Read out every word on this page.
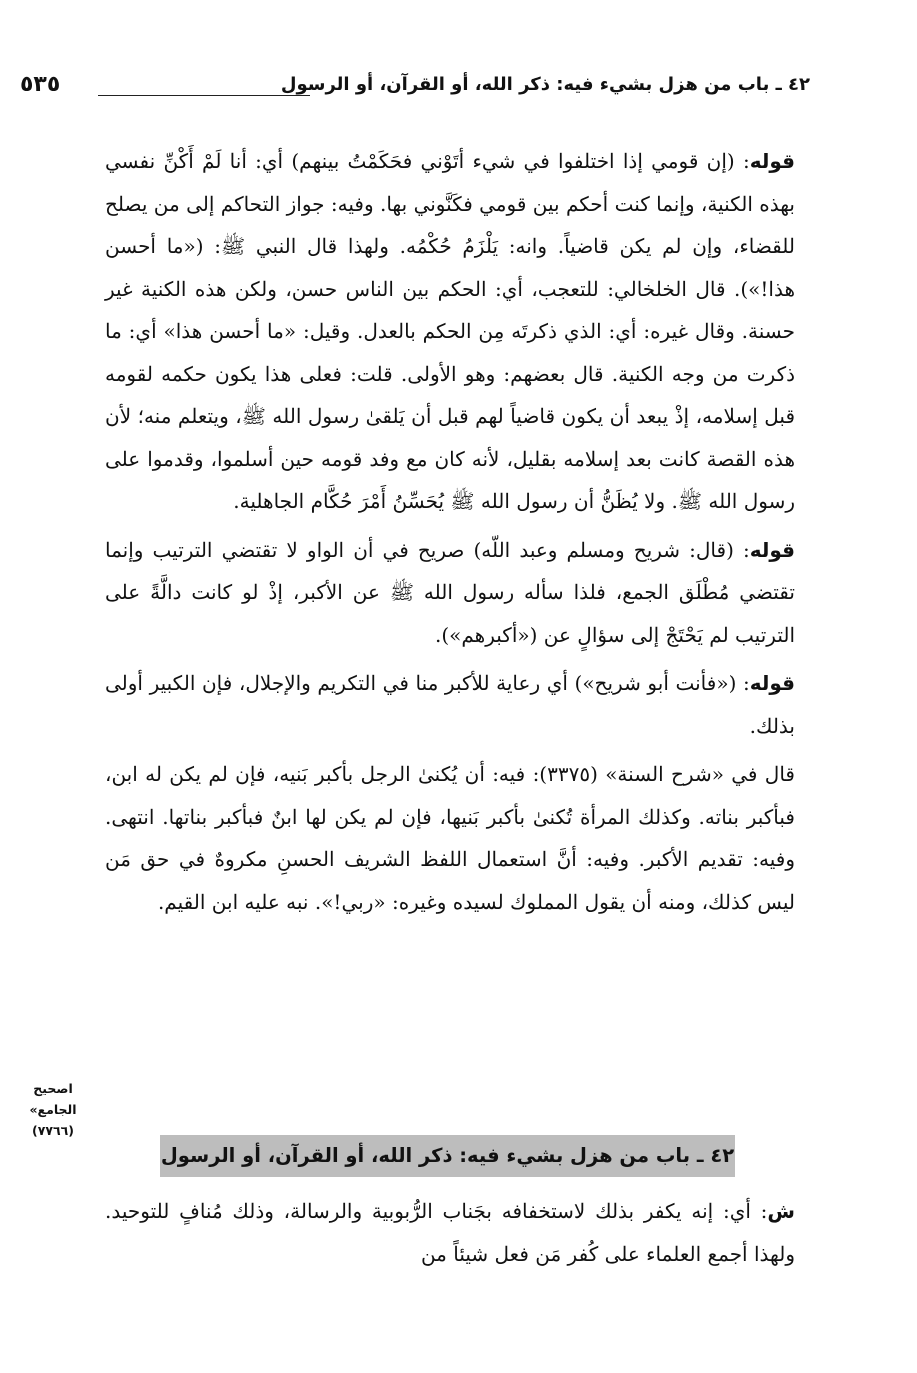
٤٢ ـ باب من هزل بشيء فيه: ذكر الله، أو القرآن، أو الرسول
٥٣٥

قوله: (إن قومي إذا اختلفوا في شيء أتَوْني فحَكَمْتُ بينهم) أي: أنا لَمْ أَكْنِّ نفسي بهذه الكنية، وإنما كنت أحكم بين قومي فكَنَّوني بها. وفيه: جواز التحاكم إلى من يصلح للقضاء، وإن لم يكن قاضياً. وانه: يَلْزَمُ حُكْمُه. ولهذا قال النبي ﷺ: («ما أحسن هذا!»). قال الخلخالي: للتعجب، أي: الحكم بين الناس حسن، ولكن هذه الكنية غير حسنة. وقال غيره: أي: الذي ذكرتَه مِن الحكم بالعدل. وقيل: «ما أحسن هذا» أي: ما ذكرت من وجه الكنية. قال بعضهم: وهو الأولى. قلت: فعلى هذا يكون حكمه لقومه قبل إسلامه، إذْ يبعد أن يكون قاضياً لهم قبل أن يَلقىٰ رسول الله ﷺ، ويتعلم منه؛ لأن هذه القصة كانت بعد إسلامه بقليل، لأنه كان مع وفد قومه حين أسلموا، وقدموا على رسول الله ﷺ. ولا يُظَنُّ أن رسول الله ﷺ يُحَسِّنُ أَمْرَ حُكَّام الجاهلية.

قوله: (قال: شريح ومسلم وعبد اللّه) صريح في أن الواو لا تقتضي الترتيب وإنما تقتضي مُطْلَق الجمع، فلذا سأله رسول الله ﷺ عن الأكبر، إذْ لو كانت دالَّةً على الترتيب لم يَحْتَجْ إلى سؤالٍ عن («أكبرهم»).

قوله: («فأنت أبو شريح») أي رعاية للأكبر منا في التكريم والإجلال، فإن الكبير أولى بذلك.

قال في «شرح السنة» (٣٣٧٥): فيه: أن يُكنىٰ الرجل بأكبر بَنيه، فإن لم يكن له ابن، فبأكبر بناته. وكذلك المرأة تُكنىٰ بأكبر بَنيها، فإن لم يكن لها ابنٌ فبأكبر بناتها. انتهى. وفيه: تقديم الأكبر. وفيه: أنَّ استعمال اللفظ الشريف الحسنِ مكروهٌ في حق مَن ليس كذلك، ومنه أن يقول المملوك لسيده وغيره: «ربي!». نبه عليه ابن القيم.

اصحيح
الجامع»
(٧٧٦٦)
٤٢ ـ باب من هزل بشيء فيه: ذكر الله، أو القرآن، أو الرسول

ش: أي: إنه يكفر بذلك لاستخفافه بجَناب الرُّبوبية والرسالة، وذلك مُنافٍ للتوحيد. ولهذا أجمع العلماء على كُفر مَن فعل شيئاً من
